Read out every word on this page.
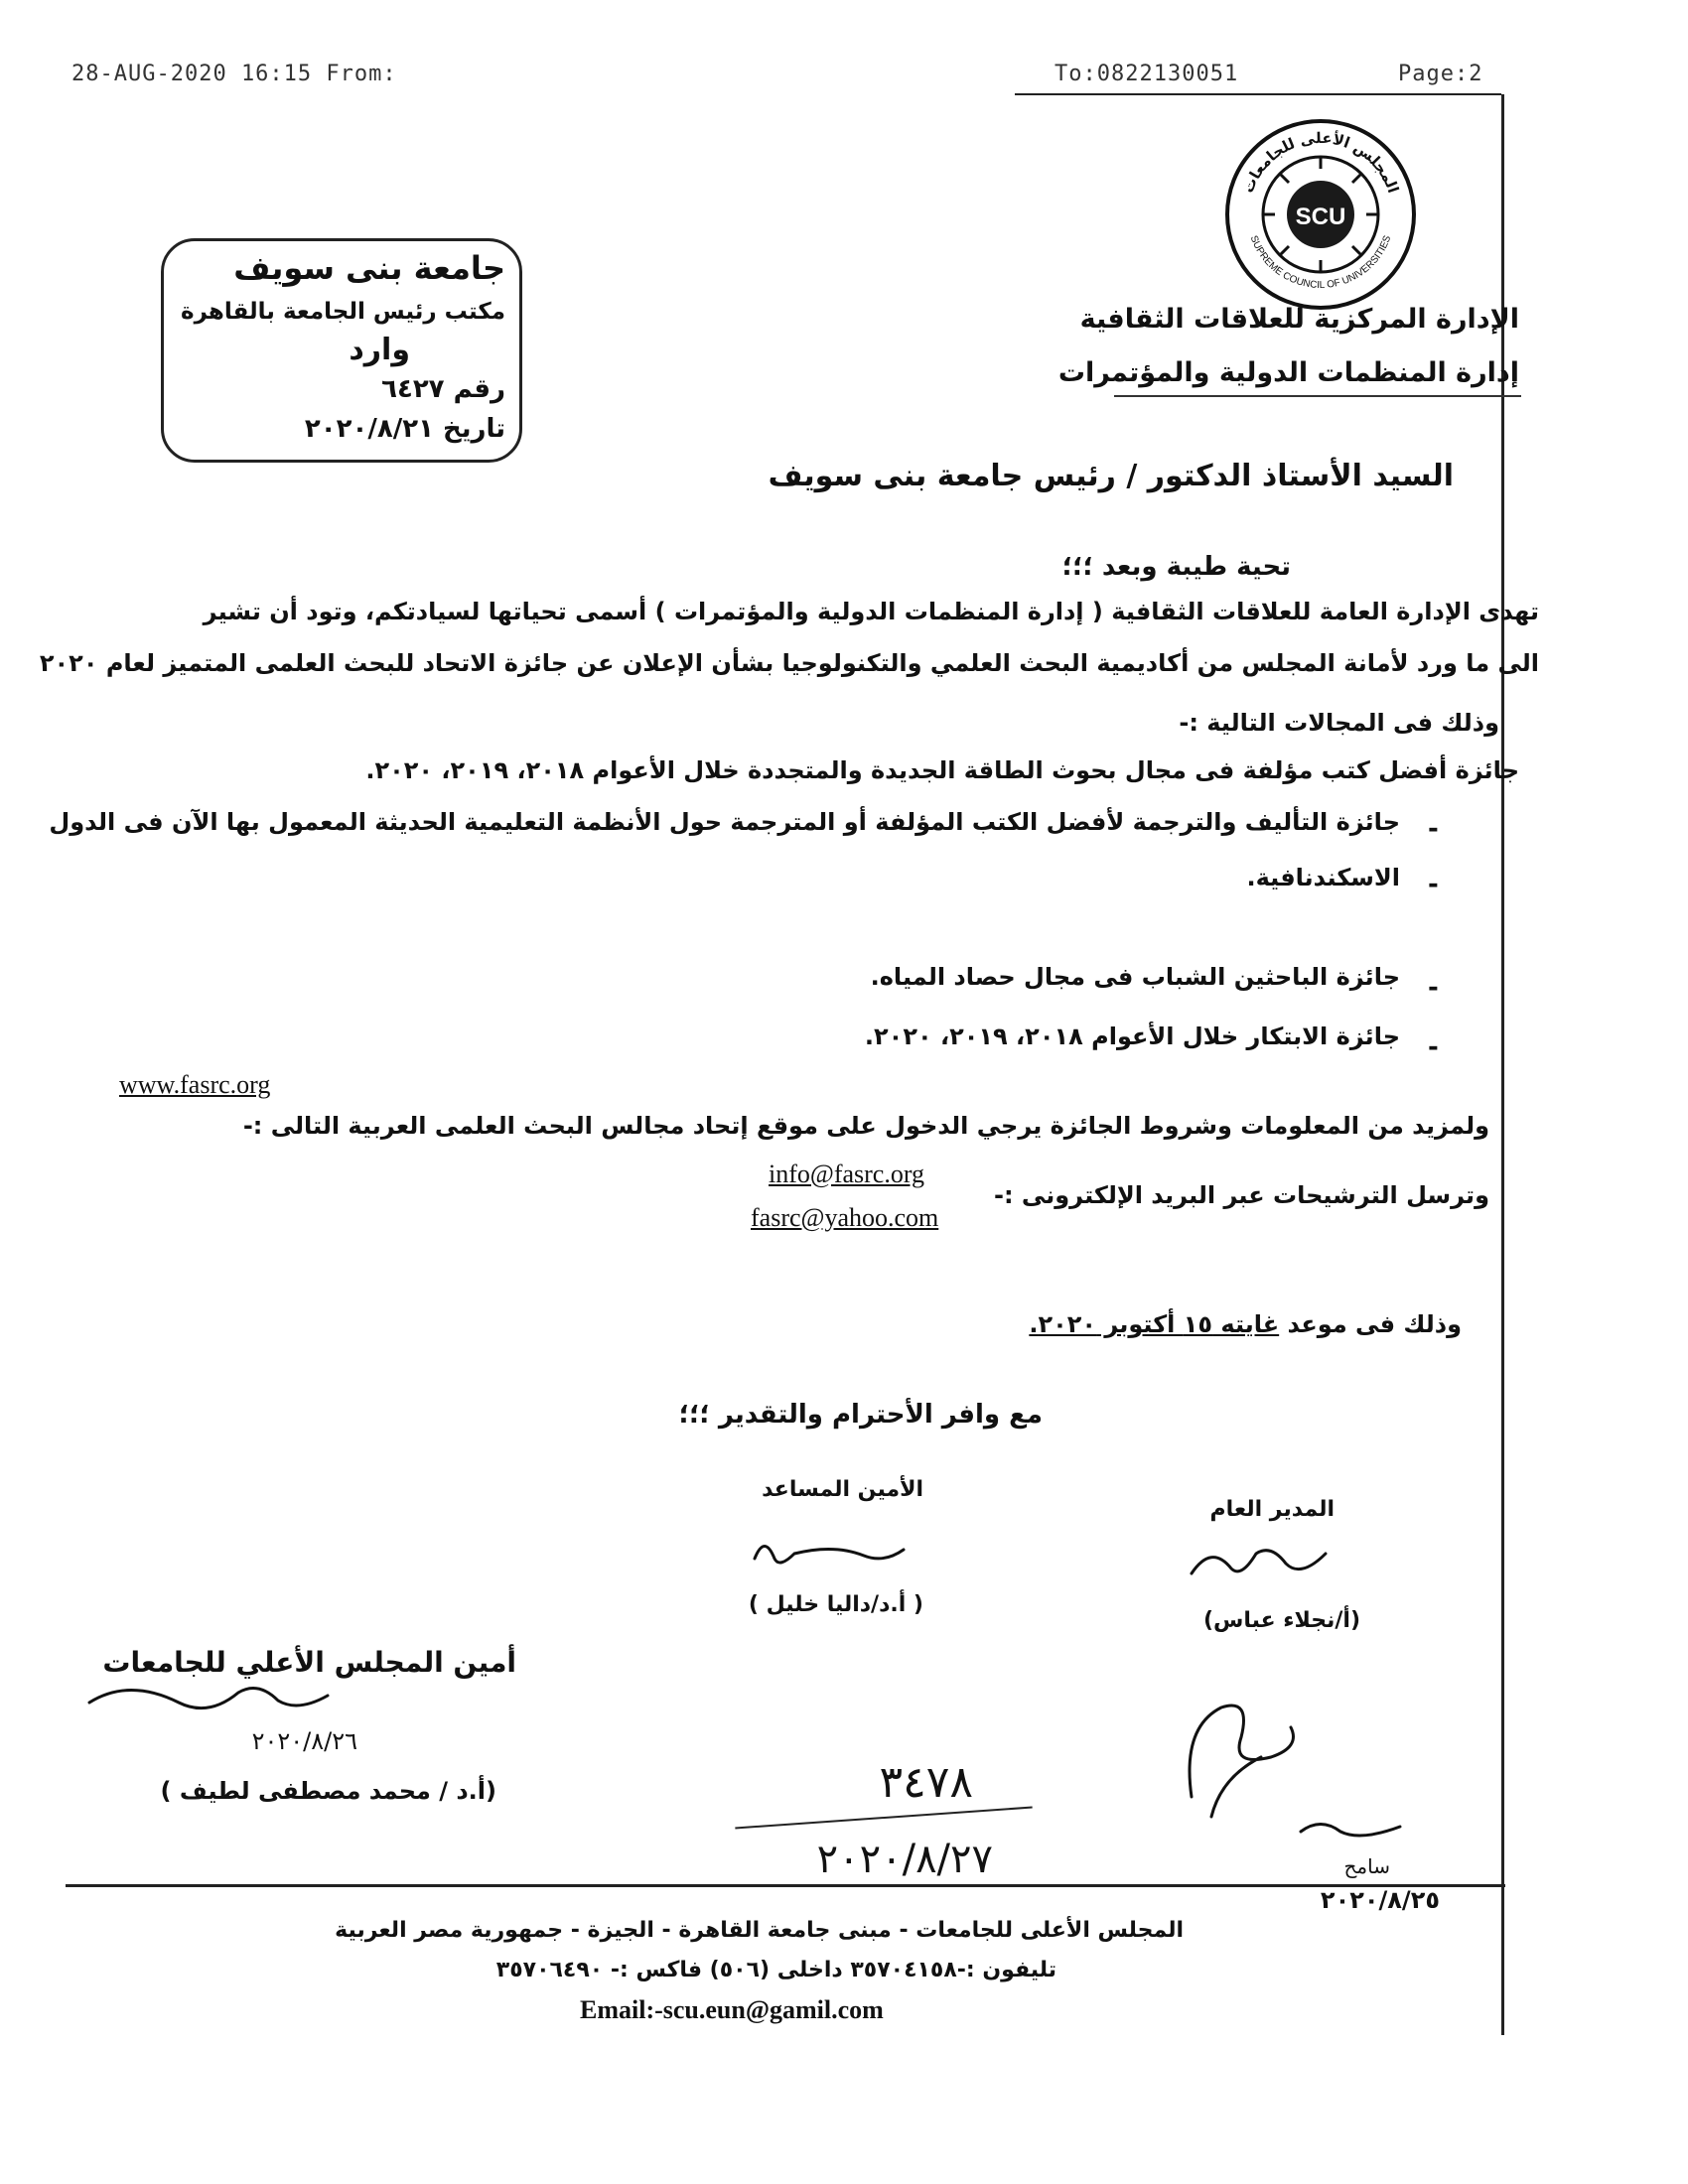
28-AUG-2020 16:15 From:	To:0822130051	Page:2
SCU
المجلس الأعلى للجامعات
SUPREME COUNCIL OF UNIVERSITIES
جامعة بنى سويف
مكتب رئيس الجامعة بالقاهرة
وارد
رقم ٦٤٢٧
تاريخ ٢٠٢٠/٨/٢١
الإدارة المركزية للعلاقات الثقافية
إدارة المنظمات الدولية والمؤتمرات
السيد الأستاذ الدكتور / رئيس جامعة بنى سويف
تحية طيبة وبعد ؛؛؛
تهدى الإدارة العامة للعلاقات الثقافية ( إدارة المنظمات الدولية والمؤتمرات ) أسمى تحياتها لسيادتكم، وتود أن تشير
الى ما ورد لأمانة المجلس من أكاديمية البحث العلمي والتكنولوجيا بشأن الإعلان عن جائزة الاتحاد للبحث العلمى المتميز لعام ٢٠٢٠
وذلك فى المجالات التالية :-
جائزة أفضل كتب مؤلفة فى مجال بحوث الطاقة الجديدة والمتجددة خلال الأعوام ٢٠١٨، ٢٠١٩، ٢٠٢٠.
-
جائزة التأليف والترجمة لأفضل الكتب المؤلفة أو المترجمة حول الأنظمة التعليمية الحديثة المعمول بها الآن فى الدول
-
الاسكندنافية.
-
جائزة الباحثين الشباب فى مجال حصاد المياه.
-
جائزة الابتكار خلال الأعوام ٢٠١٨، ٢٠١٩، ٢٠٢٠.
ولمزيد من المعلومات وشروط الجائزة يرجي الدخول على موقع إتحاد مجالس البحث العلمى العربية التالى :-
www.fasrc.org
وترسل الترشيحات عبر البريد الإلكترونى :-
info@fasrc.org
fasrc@yahoo.com
وذلك فى موعد غايته ١٥ أكتوبر ٢٠٢٠.
مع وافر الأحترام والتقدير ؛؛؛
الأمين المساعد
( أ.د/داليا خليل )
المدير العام
(أ/نجلاء عباس)
أمين المجلس الأعلي للجامعات
٢٠٢٠/٨/٢٦
(أ.د / محمد مصطفى لطيف )	٣٤٧٨
٢٠٢٠/٨/٢٧	سامح
٢٠٢٠/٨/٢٥
المجلس الأعلى للجامعات - مبنى جامعة القاهرة - الجيزة - جمهورية مصر العربية
تليفون :-٣٥٧٠٤١٥٨ داخلى (٥٠٦) فاكس :- ٣٥٧٠٦٤٩٠
Email:-scu.eun@gamil.com
